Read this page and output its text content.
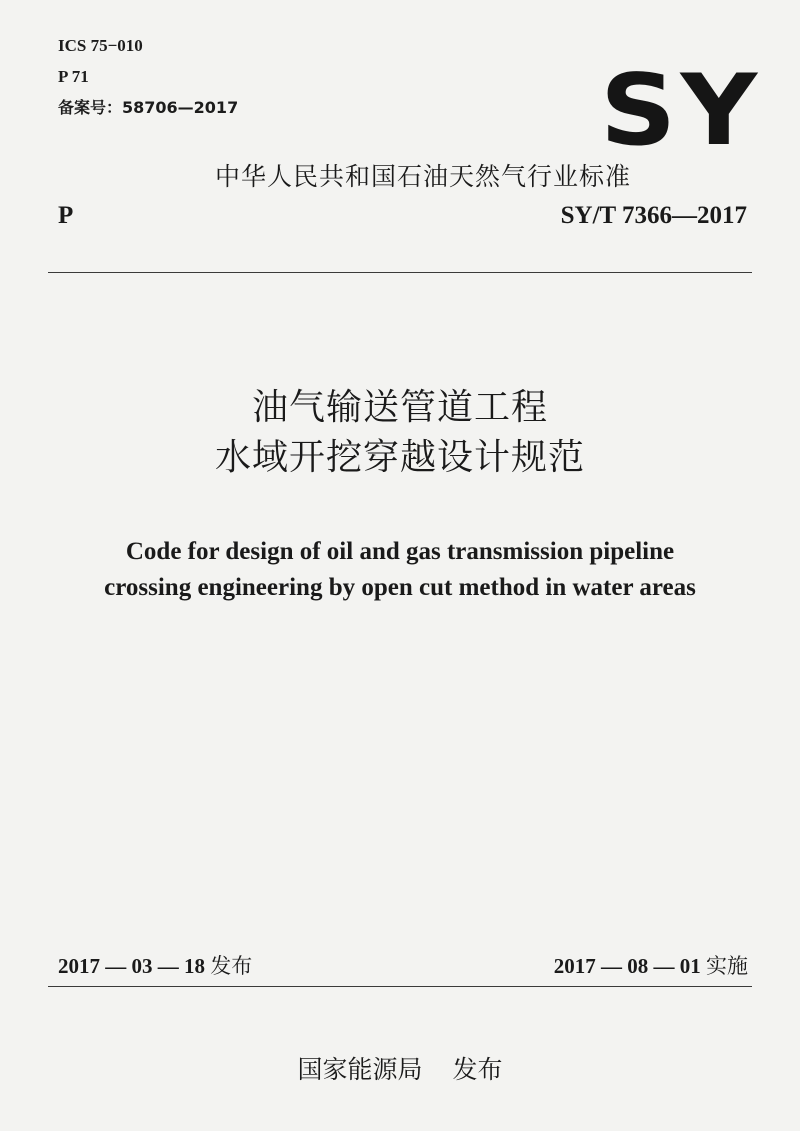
ICS 75−010
P 71
备案号：58706—2017	SY
中华人民共和国石油天然气行业标准
P	SY/T 7366—2017
油气输送管道工程
水域开挖穿越设计规范
Code for design of oil and gas transmission pipeline
crossing engineering by open cut method in water areas
2017 — 03 — 18 发布	2017 — 08 — 01 实施
国家能源局 发布
